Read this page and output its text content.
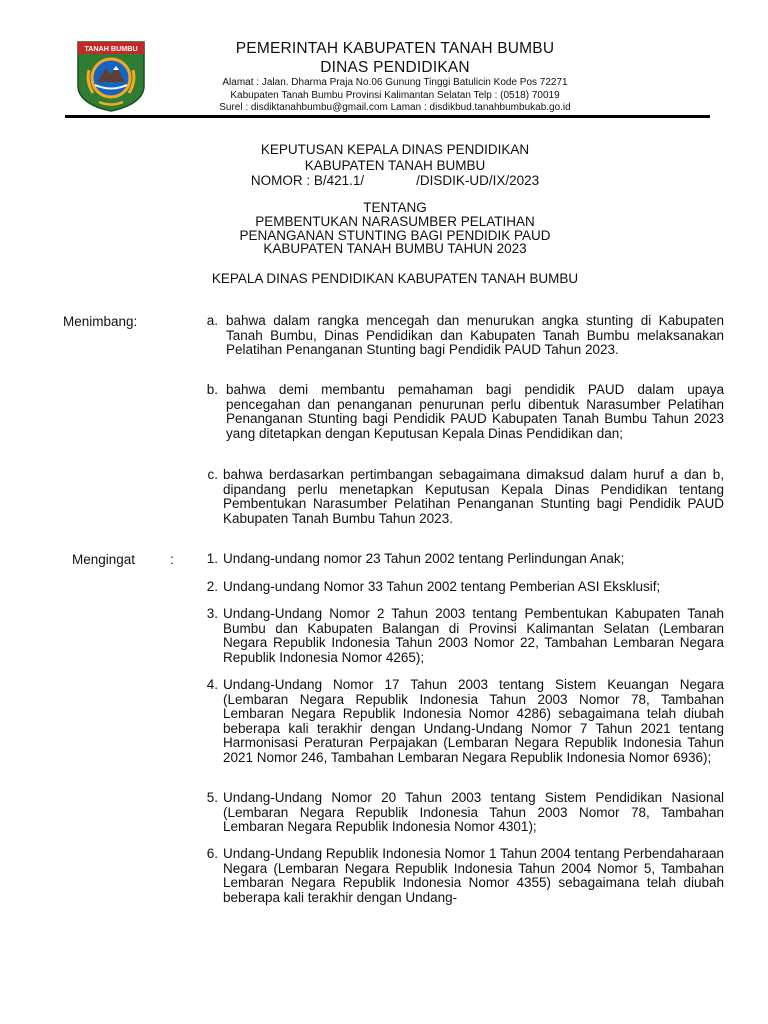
TANAH BUMBU	PEMERINTAH KABUPATEN TANAH BUMBU
DINAS PENDIDIKAN
Alamat : Jalan. Dharma Praja No.06 Gunung Tinggi Batulicin Kode Pos 72271
Kabupaten Tanah Bumbu Provinsi Kalimantan Selatan Telp : (0518) 70019
Surel : disdiktanahbumbu@gmail.com Laman : disdikbud.tanahbumbukab.go.id
KEPUTUSAN KEPALA DINAS PENDIDIKAN
KABUPATEN TANAH BUMBU
NOMOR : B/421.1/	/DISDIK-UD/IX/2023
TENTANG
PEMBENTUKAN NARASUMBER PELATIHAN
PENANGANAN STUNTING BAGI PENDIDIK PAUD
KABUPATEN TANAH BUMBU TAHUN 2023
KEPALA DINAS PENDIDIKAN KABUPATEN TANAH BUMBU
Menimbang:	a. bahwa dalam rangka mencegah dan menurukan angka stunting di Kabupaten Tanah Bumbu, Dinas Pendidikan dan Kabupaten Tanah Bumbu melaksanakan Pelatihan Penanganan Stunting bagi Pendidik PAUD Tahun 2023.
b. bahwa demi membantu pemahaman bagi pendidik PAUD dalam upaya pencegahan dan penanganan penurunan perlu dibentuk Narasumber Pelatihan Penanganan Stunting bagi Pendidik PAUD Kabupaten Tanah Bumbu Tahun 2023 yang ditetapkan dengan Keputusan Kepala Dinas Pendidikan dan;
c. bahwa berdasarkan pertimbangan sebagaimana dimaksud dalam huruf a dan b, dipandang perlu menetapkan Keputusan Kepala Dinas Pendidikan tentang Pembentukan Narasumber Pelatihan Penanganan Stunting bagi Pendidik PAUD Kabupaten Tanah Bumbu Tahun 2023.
Mengingat	:	1. Undang-undang nomor 23 Tahun 2002 tentang Perlindungan Anak;
2. Undang-undang Nomor 33 Tahun 2002 tentang Pemberian ASI Eksklusif;
3. Undang-Undang Nomor 2 Tahun 2003 tentang Pembentukan Kabupaten Tanah Bumbu dan Kabupaten Balangan di Provinsi Kalimantan Selatan (Lembaran Negara Republik Indonesia Tahun 2003 Nomor 22, Tambahan Lembaran Negara Republik Indonesia Nomor 4265);
4. Undang-Undang Nomor 17 Tahun 2003 tentang Sistem Keuangan Negara (Lembaran Negara Republik Indonesia Tahun 2003 Nomor 78, Tambahan Lembaran Negara Republik Indonesia Nomor 4286) sebagaimana telah diubah beberapa kali terakhir dengan Undang-Undang Nomor 7 Tahun 2021 tentang Harmonisasi Peraturan Perpajakan (Lembaran Negara Republik Indonesia Tahun 2021 Nomor 246, Tambahan Lembaran Negara Republik Indonesia Nomor 6936);
5. Undang-Undang Nomor 20 Tahun 2003 tentang Sistem Pendidikan Nasional (Lembaran Negara Republik Indonesia Tahun 2003 Nomor 78, Tambahan Lembaran Negara Republik Indonesia Nomor 4301);
6. Undang-Undang Republik Indonesia Nomor 1 Tahun 2004 tentang Perbendaharaan Negara (Lembaran Negara Republik Indonesia Tahun 2004 Nomor 5, Tambahan Lembaran Negara Republik Indonesia Nomor 4355) sebagaimana telah diubah beberapa kali terakhir dengan Undang-
